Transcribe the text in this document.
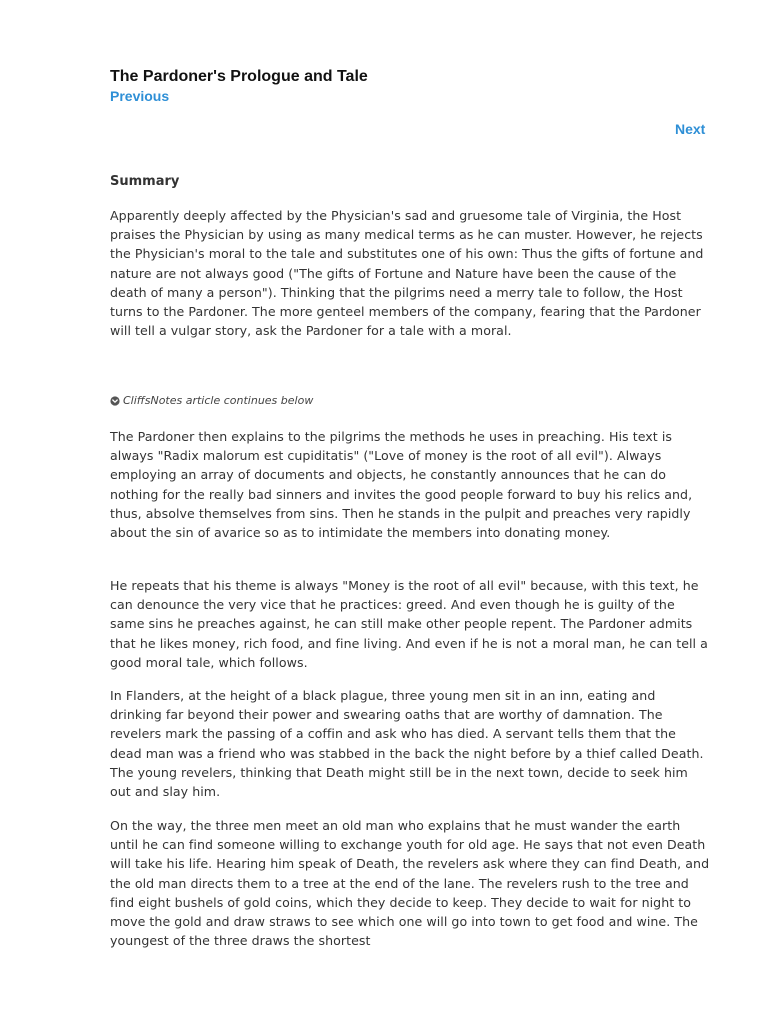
The Pardoner's Prologue and Tale
Previous
Next
Summary

Apparently deeply affected by the Physician's sad and gruesome tale of Virginia, the Host praises the Physician by using as many medical terms as he can muster. However, he rejects the Physician's moral to the tale and substitutes one of his own: Thus the gifts of fortune and nature are not always good ("The gifts of Fortune and Nature have been the cause of the death of many a person"). Thinking that the pilgrims need a merry tale to follow, the Host turns to the Pardoner. The more genteel members of the company, fearing that the Pardoner will tell a vulgar story, ask the Pardoner for a tale with a moral.

CliffsNotes article continues below

The Pardoner then explains to the pilgrims the methods he uses in preaching. His text is always "Radix malorum est cupiditatis" ("Love of money is the root of all evil"). Always employing an array of documents and objects, he constantly announces that he can do nothing for the really bad sinners and invites the good people forward to buy his relics and, thus, absolve themselves from sins. Then he stands in the pulpit and preaches very rapidly about the sin of avarice so as to intimidate the members into donating money.

He repeats that his theme is always "Money is the root of all evil" because, with this text, he can denounce the very vice that he practices: greed. And even though he is guilty of the same sins he preaches against, he can still make other people repent. The Pardoner admits that he likes money, rich food, and fine living. And even if he is not a moral man, he can tell a good moral tale, which follows.

In Flanders, at the height of a black plague, three young men sit in an inn, eating and drinking far beyond their power and swearing oaths that are worthy of damnation. The revelers mark the passing of a coffin and ask who has died. A servant tells them that the dead man was a friend who was stabbed in the back the night before by a thief called Death. The young revelers, thinking that Death might still be in the next town, decide to seek him out and slay him.

On the way, the three men meet an old man who explains that he must wander the earth until he can find someone willing to exchange youth for old age. He says that not even Death will take his life. Hearing him speak of Death, the revelers ask where they can find Death, and the old man directs them to a tree at the end of the lane. The revelers rush to the tree and find eight bushels of gold coins, which they decide to keep. They decide to wait for night to move the gold and draw straws to see which one will go into town to get food and wine. The youngest of the three draws the shortest
